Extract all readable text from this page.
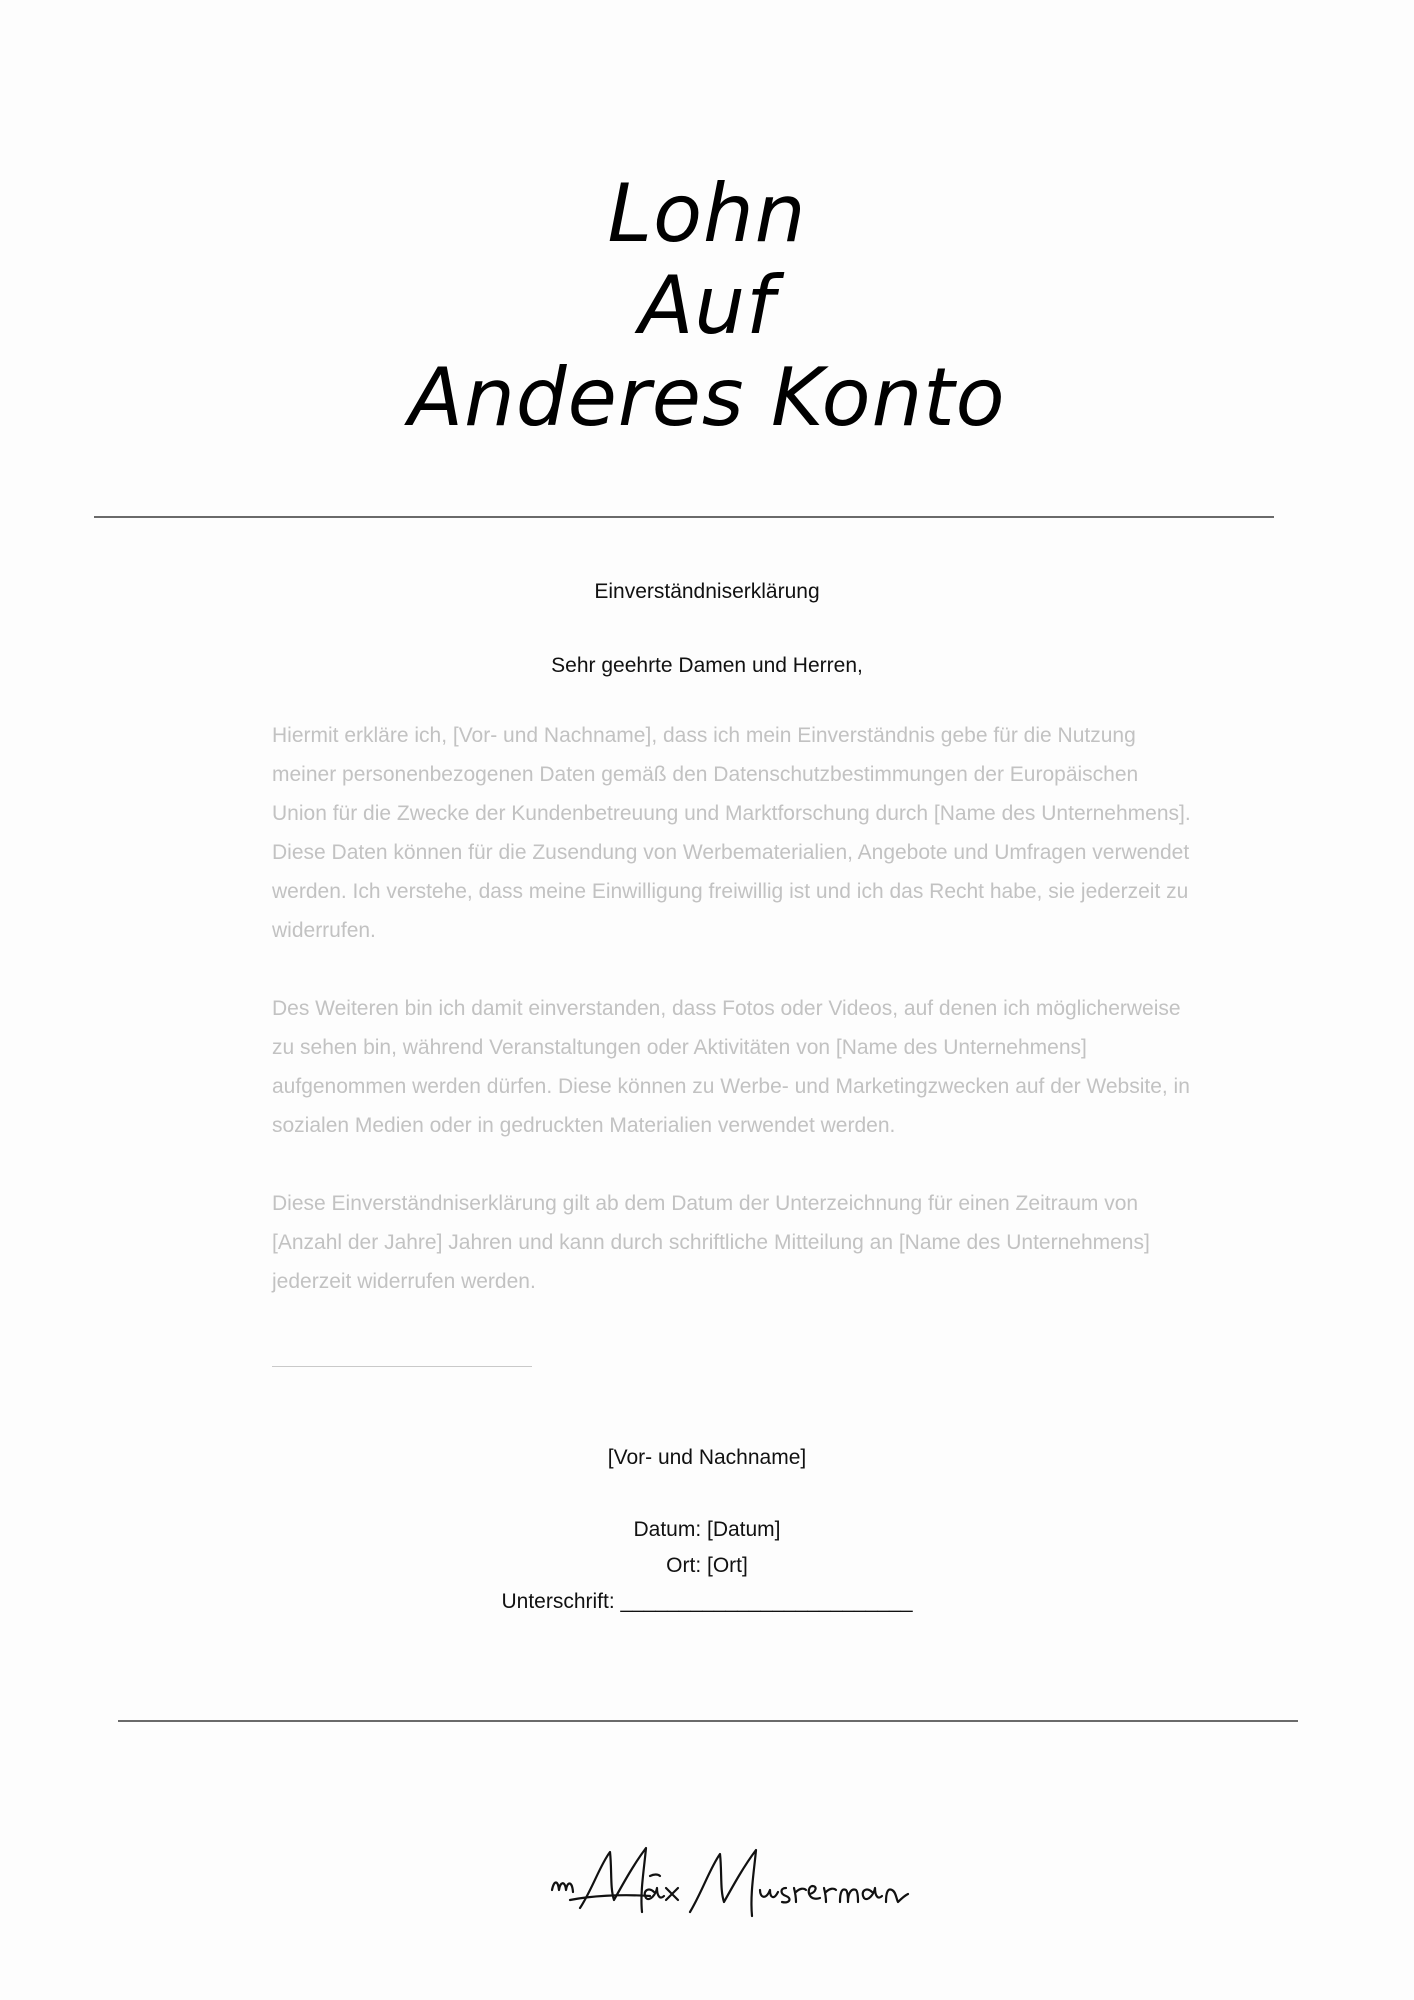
Lohn
Auf
Anderes Konto
Einverständniserklärung
Sehr geehrte Damen und Herren,

Hiermit erkläre ich, [Vor- und Nachname], dass ich mein Einverständnis gebe für die Nutzung meiner personenbezogenen Daten gemäß den Datenschutzbestimmungen der Europäischen Union für die Zwecke der Kundenbetreuung und Marktforschung durch [Name des Unternehmens]. Diese Daten können für die Zusendung von Werbematerialien, Angebote und Umfragen verwendet werden. Ich verstehe, dass meine Einwilligung freiwillig ist und ich das Recht habe, sie jederzeit zu widerrufen.

Des Weiteren bin ich damit einverstanden, dass Fotos oder Videos, auf denen ich möglicherweise zu sehen bin, während Veranstaltungen oder Aktivitäten von [Name des Unternehmens] aufgenommen werden dürfen. Diese können zu Werbe- und Marketingzwecken auf der Website, in sozialen Medien oder in gedruckten Materialien verwendet werden.

Diese Einverständniserklärung gilt ab dem Datum der Unterzeichnung für einen Zeitraum von [Anzahl der Jahre] Jahren und kann durch schriftliche Mitteilung an [Name des Unternehmens] jederzeit widerrufen werden.

[Vor- und Nachname]
Datum: [Datum]
Ort: [Ort]
Unterschrift: _________________________
